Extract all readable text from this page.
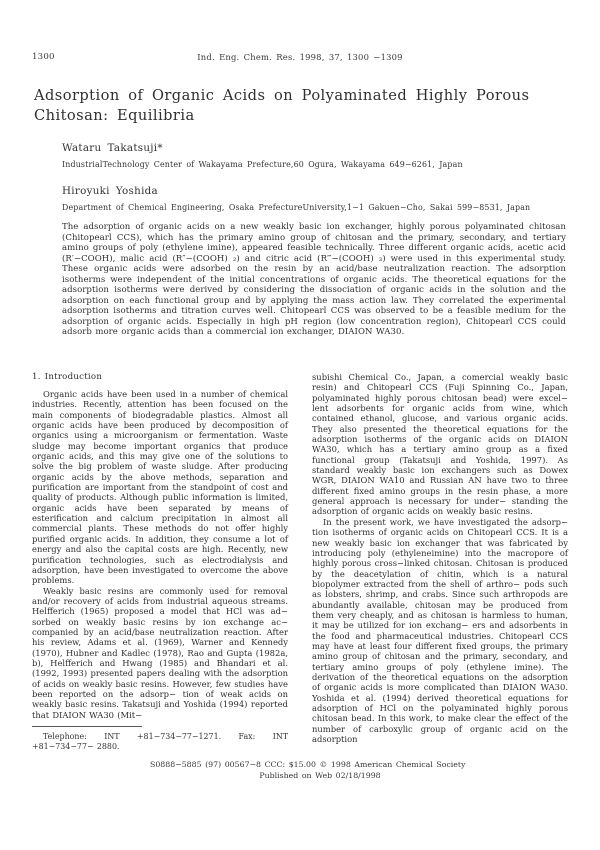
1300	Ind. Eng. Chem. Res. 1998, 37, 1300 −1309
Adsorption of Organic Acids on Polyaminated Highly Porous Chitosan: Equilibria
Wataru Takatsuji*
IndustrialTechnology Center of Wakayama Prefecture,60 Ogura, Wakayama 649−6261, Japan
Hiroyuki Yoshida
Department of Chemical Engineering, Osaka PrefectureUniversity,1−1 Gakuen−Cho, Sakai 599−8531, Japan
The adsorption of organic acids on a new weakly basic ion exchanger, highly porous polyaminated chitosan (Chitopearl CCS), which has the primary amino group of chitosan and the primary, secondary, and tertiary amino groups of poly (ethylene imine), appeared feasible technically. Three different organic acids, acetic acid (R′−COOH), malic acid (R″−(COOH) ₂) and citric acid (R‴−(COOH) ₃) were used in this experimental study. These organic acids were adsorbed on the resin by an acid/base neutralization reaction. The adsorption isotherms were independent of the initial concentrations of organic acids. The theoretical equations for the adsorption isotherms were derived by considering the dissociation of organic acids in the solution and the adsorption on each functional group and by applying the mass action law. They correlated the experimental adsorption isotherms and titration curves well. Chitopearl CCS was observed to be a feasible medium for the adsorption of organic acids. Especially in high pH region (low concentration region), Chitopearl CCS could adsorb more organic acids than a commercial ion exchanger, DIAION WA30.
1. Introduction

Organic acids have been used in a number of chemical industries. Recently, attention has been focused on the main components of biodegradable plastics. Almost all organic acids have been produced by decomposition of organics using a microorganism or fermentation. Waste sludge may become important organics that produce organic acids, and this may give one of the solutions to solve the big problem of waste sludge. After producing organic acids by the above methods, separation and purification are important from the standpoint of cost and quality of products. Although public information is limited, organic acids have been separated by means of esterification and calcium precipitation in almost all commercial plants. These methods do not offer highly purified organic acids. In addition, they consume a lot of energy and also the capital costs are high. Recently, new purification technologies, such as electrodialysis and adsorption, have been investigated to overcome the above problems.

Weakly basic resins are commonly used for removal and/or recovery of acids from industrial aqueous streams. Helfferich (1965) proposed a model that HCl was ad− sorbed on weakly basic resins by ion exchange ac− companied by an acid/base neutralization reaction. After his review, Adams et al. (1969), Warner and Kennedy (1970), Hubner and Kadlec (1978), Rao and Gupta (1982a, b), Helfferich and Hwang (1985) and Bhandari et al. (1992, 1993) presented papers dealing with the adsorption of acids on weakly basic resins. However, few studies have been reported on the adsorp− tion of weak acids on weakly basic resins. Takatsuji and Yoshida (1994) reported that DIAION WA30 (Mit−

subishi Chemical Co., Japan, a comercial weakly basic resin) and Chitopearl CCS (Fuji Spinning Co., Japan, polyaminated highly porous chitosan bead) were excel− lent adsorbents for organic acids from wine, which contained ethanol, glucose, and various organic acids. They also presented the theoretical equations for the adsorption isotherms of the organic acids on DIAION WA30, which has a tertiary amino group as a fixed functional group (Takatsuji and Yoshida, 1997). As standard weakly basic ion exchangers such as Dowex WGR, DIAION WA10 and Russian AN have two to three different fixed amino groups in the resin phase, a more general approach is necessary for under− standing the adsorption of organic acids on weakly basic resins.

In the present work, we have investigated the adsorp− tion isotherms of organic acids on Chitopearl CCS. It is a new weakly basic ion exchanger that was fabricated by introducing poly (ethyleneimine) into the macropore of highly porous cross−linked chitosan. Chitosan is produced by the deacetylation of chitin, which is a natural biopolymer extracted from the shell of arthro− pods such as lobsters, shrimp, and crabs. Since such arthropods are abundantly available, chitosan may be produced from them very cheaply, and as chitosan is harmless to human, it may be utilized for ion exchang− ers and adsorbents in the food and pharmaceutical industries. Chitopearl CCS may have at least four different fixed groups, the primary amino group of chitosan and the primary, secondary, and tertiary amino groups of poly (ethylene imine). The derivation of the theoretical equations on the adsorption of organic acids is more complicated than DIAION WA30. Yoshida et al. (1994) derived theoretical equations for adsorption of HCl on the polyaminated highly porous chitosan bead. In this work, to make clear the effect of the number of carboxylic group of organic acid on the adsorption

Telephone: INT +81−734−77−1271. Fax: INT +81−734−77− 2880.
S0888−5885 (97) 00567−8 CCC: $15.00 © 1998 American Chemical Society
Published on Web 02/18/1998
